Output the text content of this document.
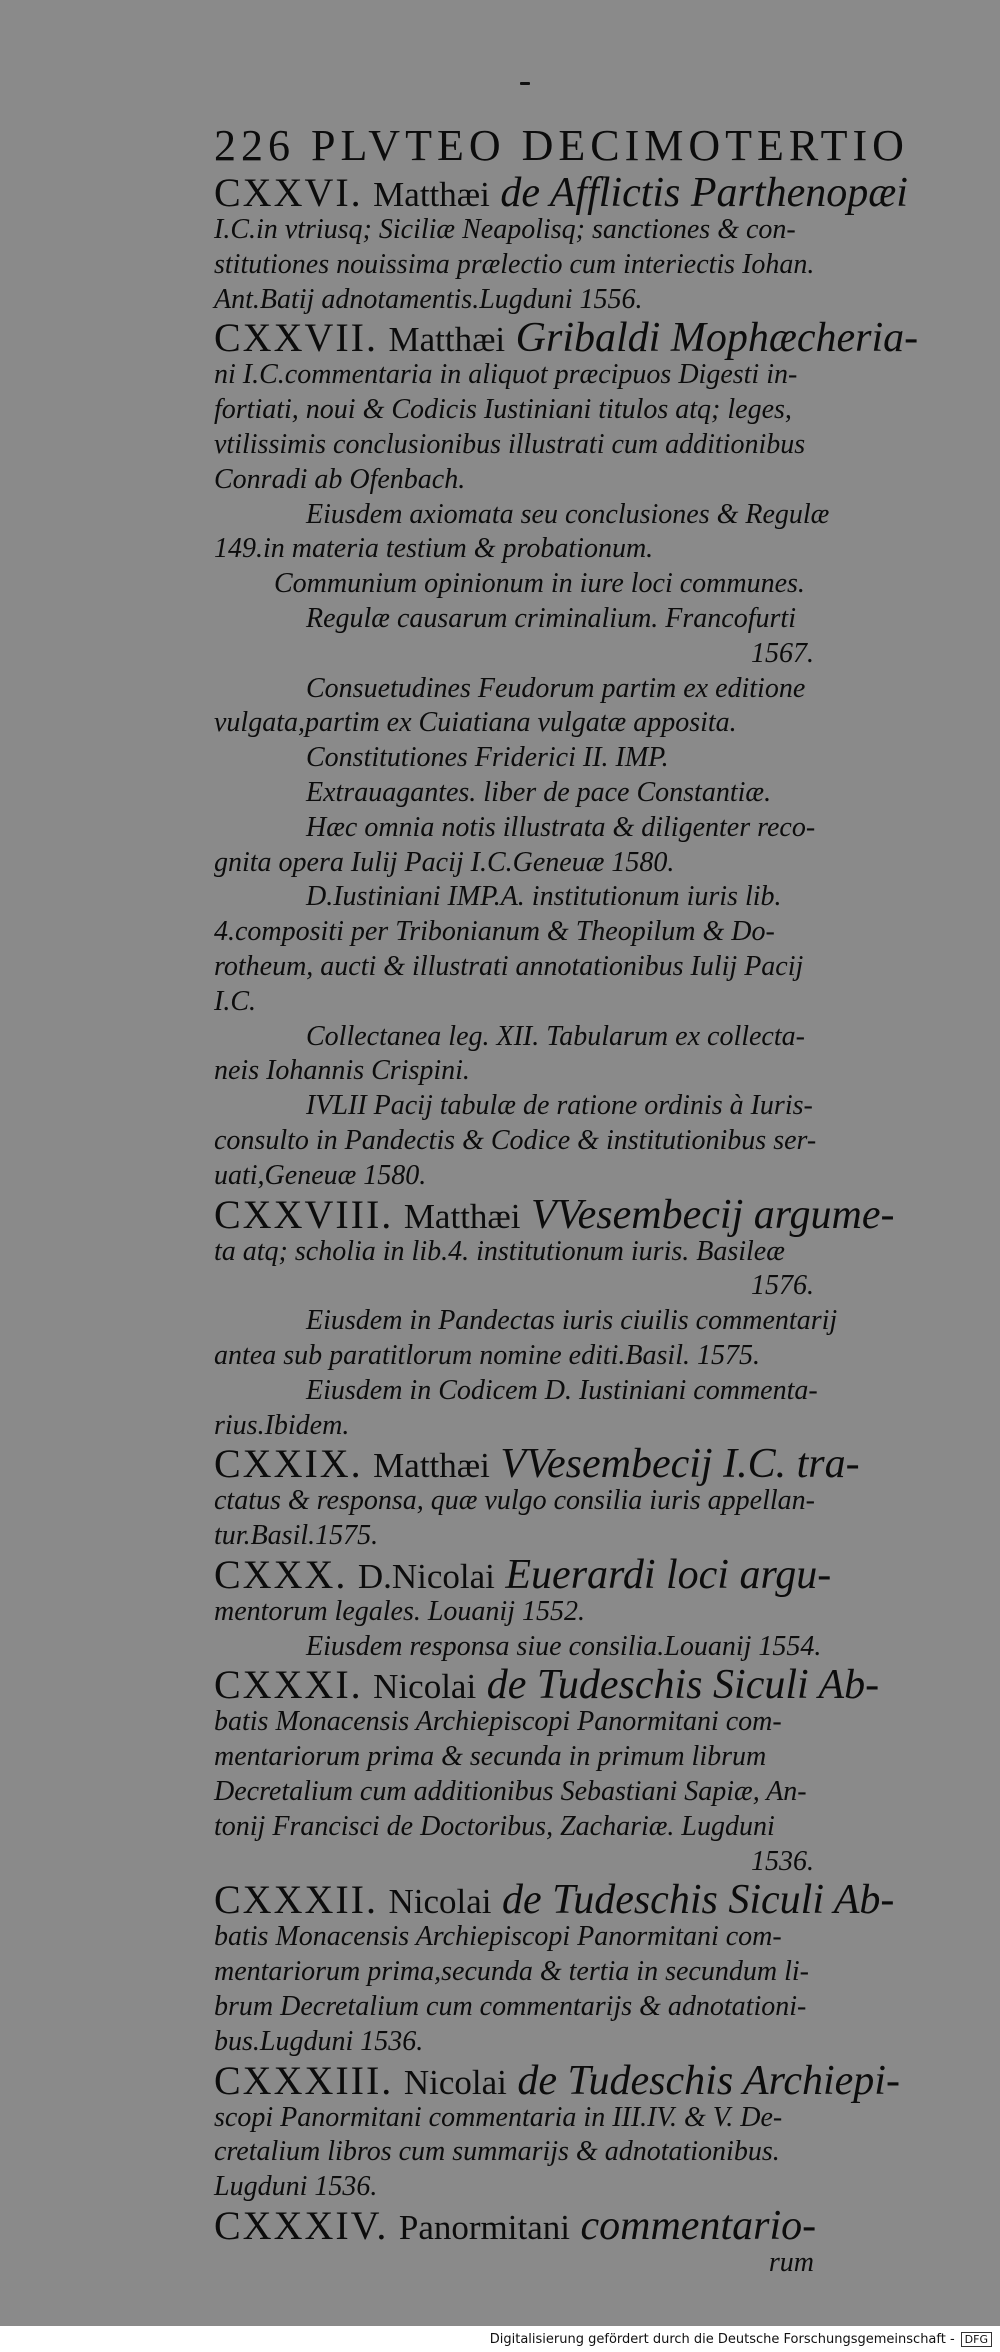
226 PLVTEO DECIMOTERTIO
CXXVI. Matthæi de Afflictis Parthenopæi
I.C.in vtriusq; Siciliæ Neapolisq; sanctiones & con-
stitutiones nouissima prælectio cum interiectis Iohan.
Ant.Batij adnotamentis.Lugduni 1556.
CXXVII. Matthæi Gribaldi Mophæcheria-
ni I.C.commentaria in aliquot præcipuos Digesti in-
fortiati, noui & Codicis Iustiniani titulos atq; leges,
vtilissimis conclusionibus illustrati cum additionibus
Conradi ab Ofenbach.
Eiusdem axiomata seu conclusiones & Regulæ
149.in materia testium & probationum.
Communium opinionum in iure loci communes.
Regulæ causarum criminalium. Francofurti
1567.
Consuetudines Feudorum partim ex editione
vulgata,partim ex Cuiatiana vulgatæ apposita.
Constitutiones Friderici II. IMP.
Extrauagantes. liber de pace Constantiæ.
Hæc omnia notis illustrata & diligenter reco-
gnita opera Iulij Pacij I.C.Geneuæ 1580.
D.Iustiniani IMP.A. institutionum iuris lib.
4.compositi per Tribonianum & Theopilum & Do-
rotheum, aucti & illustrati annotationibus Iulij Pacij
I.C.
Collectanea leg. XII. Tabularum ex collecta-
neis Iohannis Crispini.
IVLII Pacij tabulæ de ratione ordinis à Iuris-
consulto in Pandectis & Codice & institutionibus ser-
uati,Geneuæ 1580.
CXXVIII. Matthæi VVesembecij argume-
ta atq; scholia in lib.4. institutionum iuris. Basileæ
1576.
Eiusdem in Pandectas iuris ciuilis commentarij
antea sub paratitlorum nomine editi.Basil. 1575.
Eiusdem in Codicem D. Iustiniani commenta-
rius.Ibidem.
CXXIX. Matthæi VVesembecij I.C. tra-
ctatus & responsa, quæ vulgo consilia iuris appellan-
tur.Basil.1575.
CXXX. D.Nicolai Euerardi loci argu-
mentorum legales. Louanij 1552.
Eiusdem responsa siue consilia.Louanij 1554.
CXXXI. Nicolai de Tudeschis Siculi Ab-
batis Monacensis Archiepiscopi Panormitani com-
mentariorum prima & secunda in primum librum
Decretalium cum additionibus Sebastiani Sapiæ, An-
tonij Francisci de Doctoribus, Zachariæ. Lugduni
1536.
CXXXII. Nicolai de Tudeschis Siculi Ab-
batis Monacensis Archiepiscopi Panormitani com-
mentariorum prima,secunda & tertia in secundum li-
brum Decretalium cum commentarijs & adnotationi-
bus.Lugduni 1536.
CXXXIII. Nicolai de Tudeschis Archiepi-
scopi Panormitani commentaria in III.IV. & V. De-
cretalium libros cum summarijs & adnotationibus.
Lugduni 1536.
CXXXIV. Panormitani commentario-
rum
Digitalisierung gefördert durch die Deutsche Forschungsgemeinschaft - DFG
